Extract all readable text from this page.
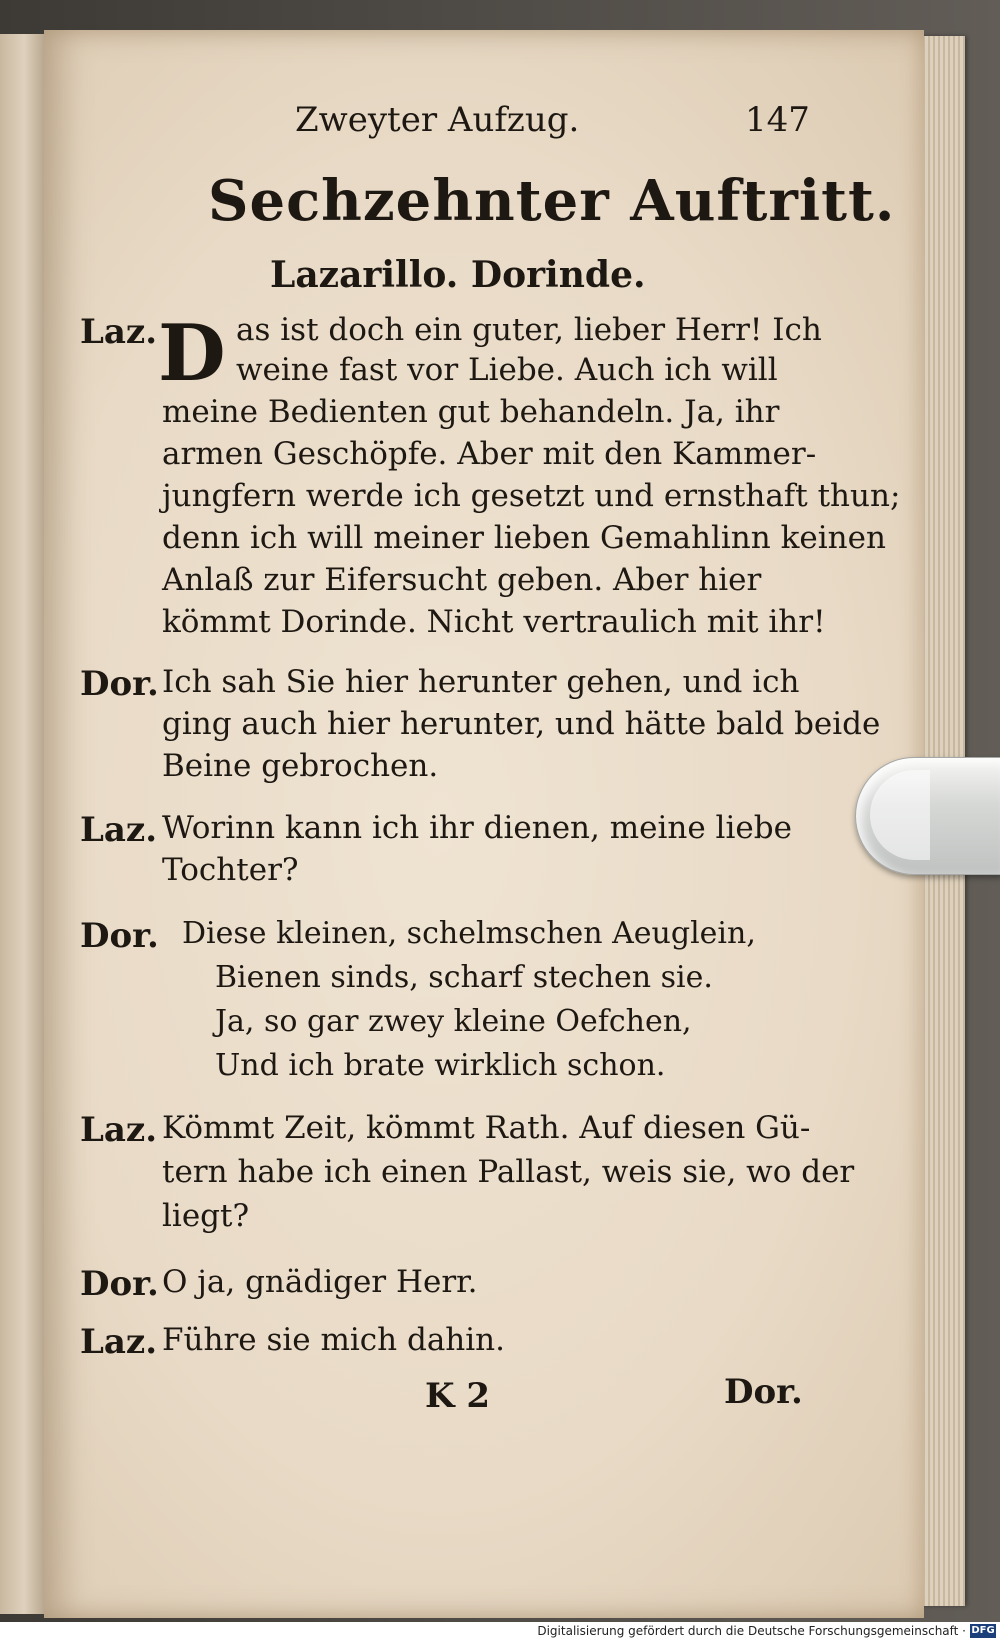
Zweyter Aufzug.	147
Sechzehnter Auftritt.
Lazarillo. Dorinde.
Laz. D as ist doch ein guter, lieber Herr! Ich
weine fast vor Liebe. Auch ich will
meine Bedienten gut behandeln. Ja, ihr
armen Geschöpfe. Aber mit den Kammer-
jungfern werde ich gesetzt und ernsthaft thun;
denn ich will meiner lieben Gemahlinn keinen
Anlaß zur Eifersucht geben. Aber hier
kömmt Dorinde. Nicht vertraulich mit ihr!
Dor. Ich sah Sie hier herunter gehen, und ich
ging auch hier herunter, und hätte bald beide
Beine gebrochen.
Laz. Worinn kann ich ihr dienen, meine liebe
Tochter?
Dor. Diese kleinen, schelmschen Aeuglein,
Bienen sinds, scharf stechen sie.
Ja, so gar zwey kleine Oefchen,
Und ich brate wirklich schon.
Laz. Kömmt Zeit, kömmt Rath. Auf diesen Gü-
tern habe ich einen Pallast, weis sie, wo der
liegt?
Dor. O ja, gnädiger Herr.
Laz. Führe sie mich dahin.
K 2	Dor.
Digitalisierung gefördert durch die Deutsche Forschungsgemeinschaft · DFG
